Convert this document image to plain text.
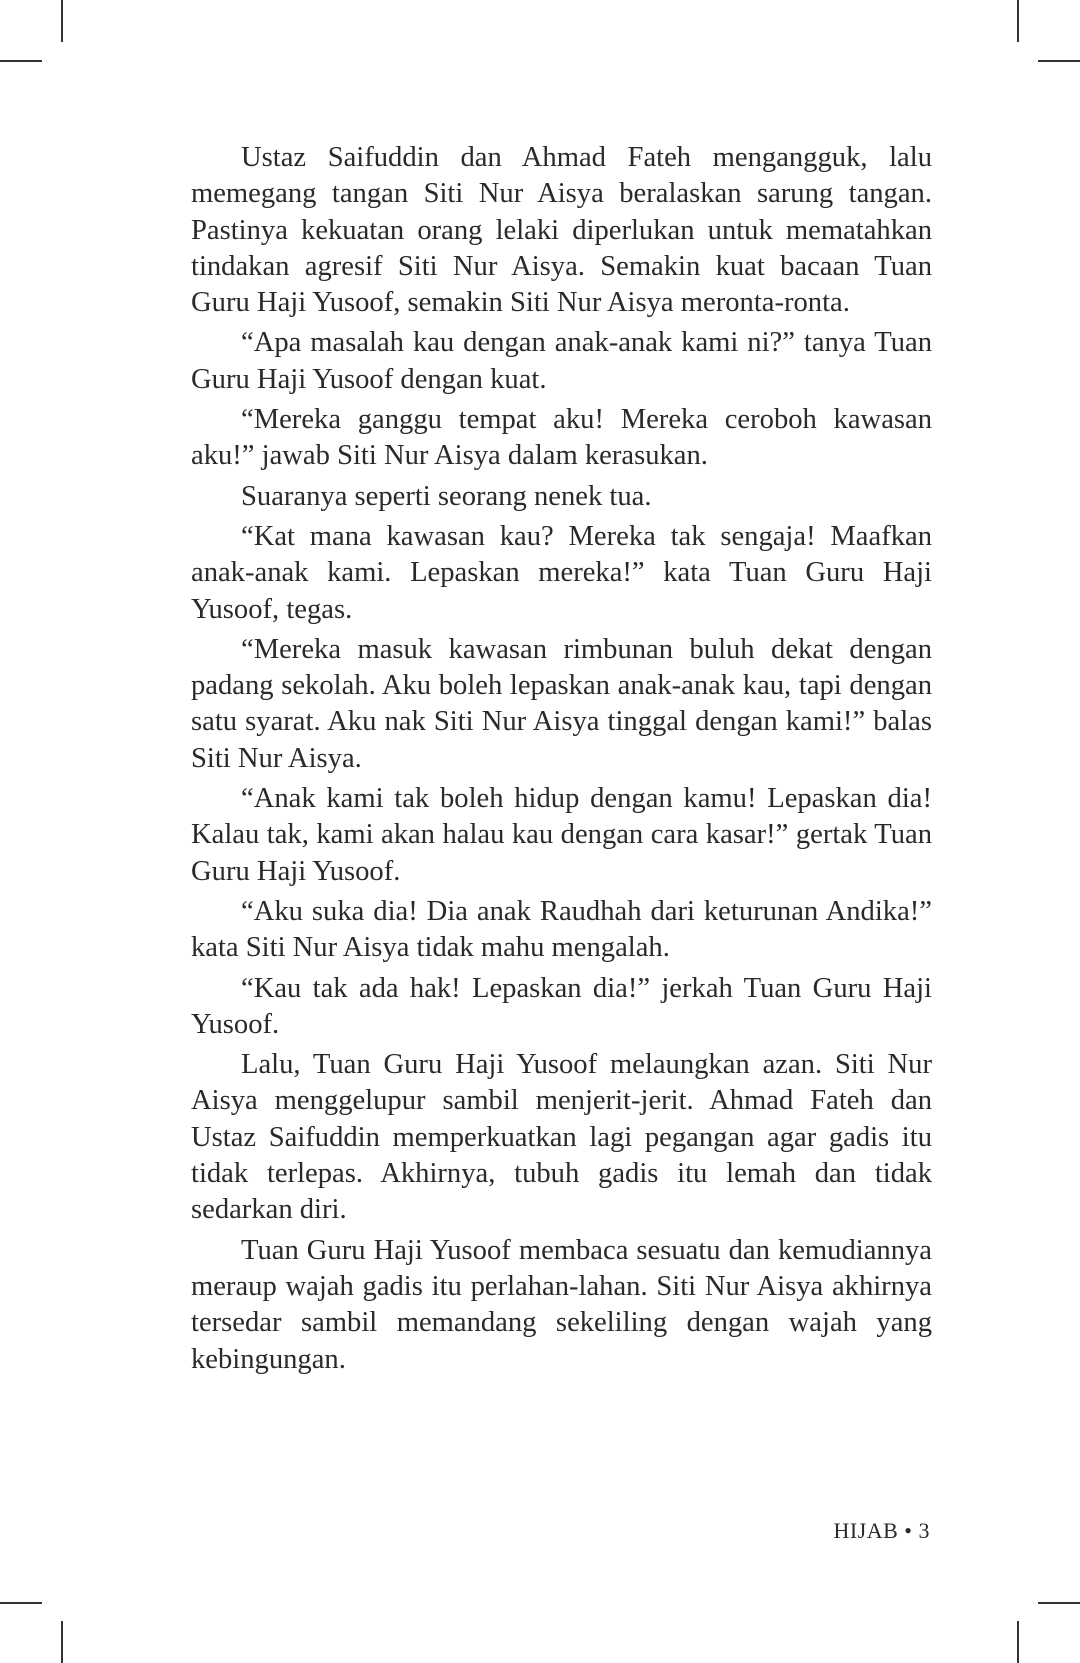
Ustaz Saifuddin dan Ahmad Fateh mengangguk, lalu memegang tangan Siti Nur Aisya beralaskan sarung tangan. Pastinya kekuatan orang lelaki diperlukan untuk mematahkan tindakan agresif Siti Nur Aisya. Semakin kuat bacaan Tuan Guru Haji Yusoof, semakin Siti Nur Aisya meronta-ronta.

“Apa masalah kau dengan anak-anak kami ni?” tanya Tuan Guru Haji Yusoof dengan kuat.

“Mereka ganggu tempat aku! Mereka ceroboh kawasan aku!” jawab Siti Nur Aisya dalam kerasukan.

Suaranya seperti seorang nenek tua.

“Kat mana kawasan kau? Mereka tak sengaja! Maafkan anak-anak kami. Lepaskan mereka!” kata Tuan Guru Haji Yusoof, tegas.

“Mereka masuk kawasan rimbunan buluh dekat dengan padang sekolah. Aku boleh lepaskan anak-anak kau, tapi dengan satu syarat. Aku nak Siti Nur Aisya tinggal dengan kami!” balas Siti Nur Aisya.

“Anak kami tak boleh hidup dengan kamu! Lepaskan dia! Kalau tak, kami akan halau kau dengan cara kasar!” gertak Tuan Guru Haji Yusoof.

“Aku suka dia! Dia anak Raudhah dari keturunan Andika!” kata Siti Nur Aisya tidak mahu mengalah.

“Kau tak ada hak! Lepaskan dia!” jerkah Tuan Guru Haji Yusoof.

Lalu, Tuan Guru Haji Yusoof melaungkan azan. Siti Nur Aisya menggelupur sambil menjerit-jerit. Ahmad Fateh dan Ustaz Saifuddin memperkuatkan lagi pegangan agar gadis itu tidak terlepas. Akhirnya, tubuh gadis itu lemah dan tidak sedarkan diri.

Tuan Guru Haji Yusoof membaca sesuatu dan kemudiannya meraup wajah gadis itu perlahan-lahan. Siti Nur Aisya akhirnya tersedar sambil memandang sekeliling dengan wajah yang kebingungan.

HIJAB • 3
